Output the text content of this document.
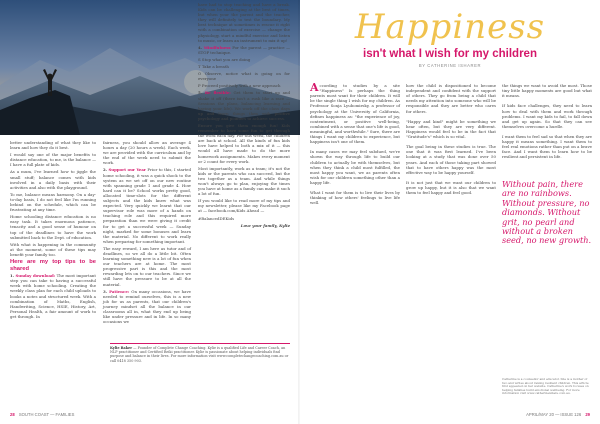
better understanding of what they like to learn and how they do it best.

I would say one of the major benefits to distance education, to me, is the balance — I have a full plate of kids.

As a mum, I've learned how to jiggle the small stuff; balance comes with kids involved in a daily basis with their activities and also with the playground.

To me, balance means harmony. On a day-to-day basis, I do not feel like I'm running behind on the schedule, which can be frustrating at any time.

Home schooling distance education is no easy task. It takes enormous patience, tenacity and a good sense of humour on top of the deadlines to have the work submitted back to the Dept. of education.

With what is happening in the community at the moment, some of these tips may benefit your family too.

Here are my top tips to be shared

1. Sunday download: The most important step you can take to having a successful week with home schooling. Creating the weekly class plan for each child uploads to books a notes and structured week. With a combination of Maths, English, Handwriting, Science, HSIE, History, Art, Personal Health, a fair amount of work to get through. In

fairness, you should allow an average 4 hours a day (20 hours a week). Each week, we are provided with the curriculum and by the end of the week need to submit the work.

2. Support our Year Prior to this, I started home schooling, it was a quick shock to the system as we set off on our new routine with spanning grade 1 and grade 4. How hard can it be? School works pretty good, allocated time-slots for the different subjects and the kids knew what was expected. Very quickly we learnt that our supervisor role was more of a hands on teaching role and this required more preparation than we were giving it credit for to get a successful week — Sunday night, marked for some bonuses and learn the material. No different to work really when preparing for something important.

The easy reward, I am here as tutor and of deadlines, so we all do a little bit. Often learning something new is a lot of fun when our teachers are at home. The most progressive part is this and the most rewarding lets on to our teachers. Since we still have the pressure to be at all the material.

3. Patience: On many occasions, we have needed to remind ourselves, this is a new job for us as parents, that our children's journey mindset all the balance in our classrooms all in, what they end up being like under pressure and in life. In so many occasions we

have had to stop teaching and have a break. Kids can be challenging at the best of times, but when your the parent and the teacher, they will definitely to test the boundary. My best technique at sometimes is rescue it right with a combination of exercise — change the physiology, start a mindful exercise and listen to music, or learn an instrument to mix it up!

4. Mindfulness For the parent — practice — STOP technique.

S Stop what you are doing

T Take a breath

O Observe, notice what is going on for everyone

P Proceed positively with a new approach

5. Be flexible: Get them to start up and shake it off (there isn't a rush like a race — Sessions the plans, balancing learning and having your life). We work off the class days up and learn things then with positive psychology and pointers to achieve success.

Ensure you give them enough fun! Kids remember to have some fun to get through the work each day. For this week, the children are back at school. All the kinds of fun kids love have helped to both a mix of it — this would all have made to do the more homework assignments. Makes every moment or 2 count for every work.

Most importantly, work as a team; it's not the kids or the parents who can succeed, but the two together as a team. And while things won't always go to plan, enjoying the times you have at home as a family can make it such a lot of fun.

If you would like to read more of my tips and my newsletter, please like my Facebook page at — facebook.com/Kids Ahead —

#BalancedDEKids

Love your family, Kylie

Kylie Baker — Founder of Complete Change Coaching. Kylie is a qualified Life and Career Coach, an NLP practitioner and Certified Reiki practitioner. Kylie is passionate about helping individuals find purpose and balance in their lives. For more information visit www.completechangecoaching.com.au or call 0418 350 903.
28 SOUTH COAST — FAMILIES
Happiness
isn't what I wish for my children
BY CATHERINE ISHARER

According to studies by a site "Happiness" Is perhaps the thing parents most want for their children. It will be the single thing I wish for my children. As Professor Sonja Lyubomirsky, a professor of psychology at the University of California, defines happiness as: "the experience of joy, contentment, or positive well-being, combined with a sense that one's life is good, meaningful, and worthwhile." Sure, there are things I want my children to experience, but happiness isn't one of them.

In many cases we may feel subdued, we're shown the way through life to build our children to actually be with themselves, but when they think a child most fulfilled, the most happy you want, we as parents often wish for our children something other than a happy life.

What I want for them is to live their lives by thinking of how others' feelings to live life well.

how the child is dispositioned to become independent and confident with the support of others. They go from being a child that needs my attention into someone who will be responsible and they are better who cares for others.

"Happy and kind" might be something we hear often, but they are very different. Happiness would feel to be in the fact that "Gratitude's" which is so vital.

The goal being in these studies is true. The one that it was first learned. I've been looking at a study that was done over 50 years. And each of those taking part showed that to have others happy was the most effective way to be happy yourself.

It is not just that we want our children to grow up happy, but it is also that we want them to feel happy and feel good.

the things we want to avoid the most. Those tiny little happy moments are good but what it means.

If kids face challenges, they need to learn how to deal with them and work through problems. I want my kids to fail, to fall down and get up again. So that they can see themselves overcome a hurdle.

I want them to feel sad so that when they are happy it means something. I want them to feel real emotions rather than put on a brave face. And I want them to learn how to be resilient and persistent in life.

Without pain, there are no rainbows. Without pressure, no diamonds. Without grit, no pearl and without a broken seed, no new growth.
Catherine is a counsellor and educator. She is a mother of two and writes about raising resilient children. This article first appeared on her website. Catherine's work focuses on helping families build emotional wellbeing. For more information visit www.catherineishare.com.au.
APRIL/MAY 20 — ISSUE 126 29
